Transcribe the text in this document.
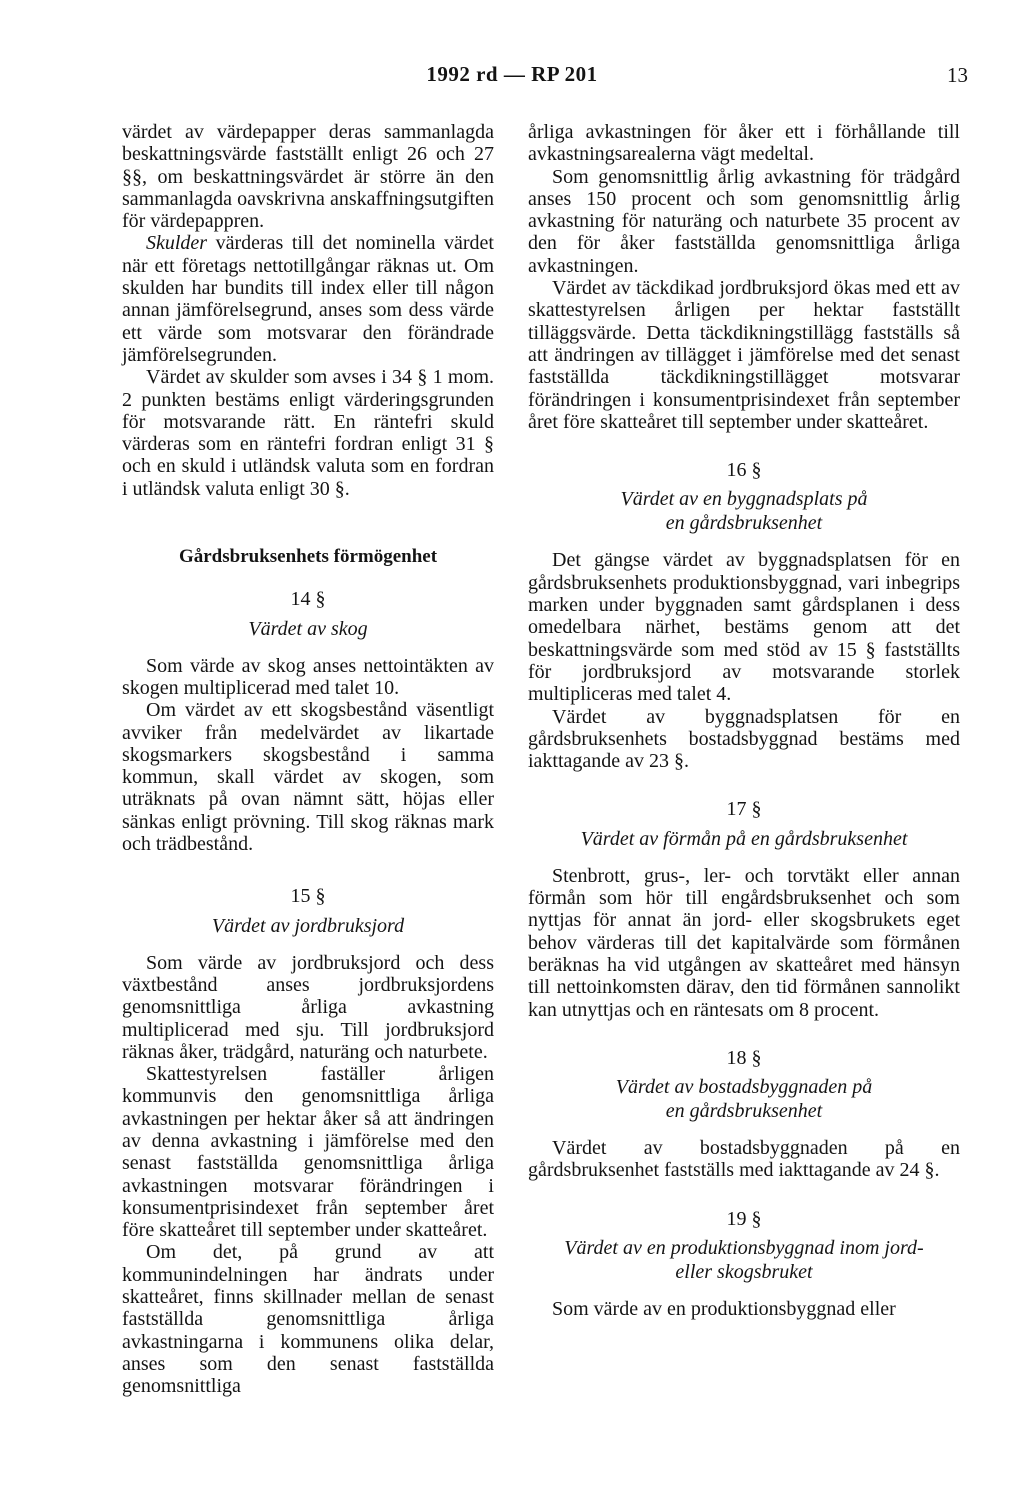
1992 rd — RP 201	13

värdet av värdepapper deras sammanlagda beskattningsvärde fastställt enligt 26 och 27 §§, om beskattningsvärdet är större än den sammanlagda oavskrivna anskaffningsutgiften för värdepappren.

Skulder värderas till det nominella värdet när ett företags nettotillgångar räknas ut. Om skulden har bundits till index eller till någon annan jämförelsegrund, anses som dess värde ett värde som motsvarar den förändrade jämförelsegrunden.

Värdet av skulder som avses i 34 § 1 mom. 2 punkten bestäms enligt värderingsgrunden för motsvarande rätt. En räntefri skuld värderas som en räntefri fordran enligt 31 § och en skuld i utländsk valuta som en fordran i utländsk valuta enligt 30 §.

Gårdsbruksenhets förmögenhet
14 §
Värdet av skog

Som värde av skog anses nettointäkten av skogen multiplicerad med talet 10.

Om värdet av ett skogsbestånd väsentligt avviker från medelvärdet av likartade skogsmarkers skogsbestånd i samma kommun, skall värdet av skogen, som uträknats på ovan nämnt sätt, höjas eller sänkas enligt prövning. Till skog räknas mark och trädbestånd.

15 §
Värdet av jordbruksjord

Som värde av jordbruksjord och dess växtbestånd anses jordbruksjordens genomsnittliga årliga avkastning multiplicerad med sju. Till jordbruksjord räknas åker, trädgård, naturäng och naturbete.

Skattestyrelsen faställer årligen kommunvis den genomsnittliga årliga avkastningen per hektar åker så att ändringen av denna avkastning i jämförelse med den senast fastställda genomsnittliga årliga avkastningen motsvarar förändringen i konsumentprisindexet från september året före skatteåret till september under skatteåret.

Om det, på grund av att kommunindelningen har ändrats under skatteåret, finns skillnader mellan de senast fastställda genomsnittliga årliga avkastningarna i kommunens olika delar, anses som den senast fastställda genomsnittliga

årliga avkastningen för åker ett i förhållande till avkastningsarealerna vägt medeltal.

Som genomsnittlig årlig avkastning för trädgård anses 150 procent och som genomsnittlig årlig avkastning för naturäng och naturbete 35 procent av den för åker fastställda genomsnittliga årliga avkastningen.

Värdet av täckdikad jordbruksjord ökas med ett av skattestyrelsen årligen per hektar fastställt tilläggsvärde. Detta täckdikningstillägg fastställs så att ändringen av tillägget i jämförelse med det senast fastställda täckdikningstillägget motsvarar förändringen i konsumentprisindexet från september året före skatteåret till september under skatteåret.

16 §
Värdet av en byggnadsplats på
en gårdsbruksenhet

Det gängse värdet av byggnadsplatsen för en gårdsbruksenhets produktionsbyggnad, vari inbegrips marken under byggnaden samt gårdsplanen i dess omedelbara närhet, bestäms genom att det beskattningsvärde som med stöd av 15 § fastställts för jordbruksjord av motsvarande storlek multipliceras med talet 4.

Värdet av byggnadsplatsen för en gårdsbruksenhets bostadsbyggnad bestäms med iakttagande av 23 §.

17 §
Värdet av förmån på en gårdsbruksenhet

Stenbrott, grus-, ler- och torvtäkt eller annan förmån som hör till engårdsbruksenhet och som nyttjas för annat än jord- eller skogsbrukets eget behov värderas till det kapitalvärde som förmånen beräknas ha vid utgången av skatteåret med hänsyn till nettoinkomsten därav, den tid förmånen sannolikt kan utnyttjas och en räntesats om 8 procent.

18 §
Värdet av bostadsbyggnaden på
en gårdsbruksenhet

Värdet av bostadsbyggnaden på en gårdsbruksenhet fastställs med iakttagande av 24 §.

19 §
Värdet av en produktionsbyggnad inom jord-
eller skogsbruket

Som värde av en produktionsbyggnad eller
